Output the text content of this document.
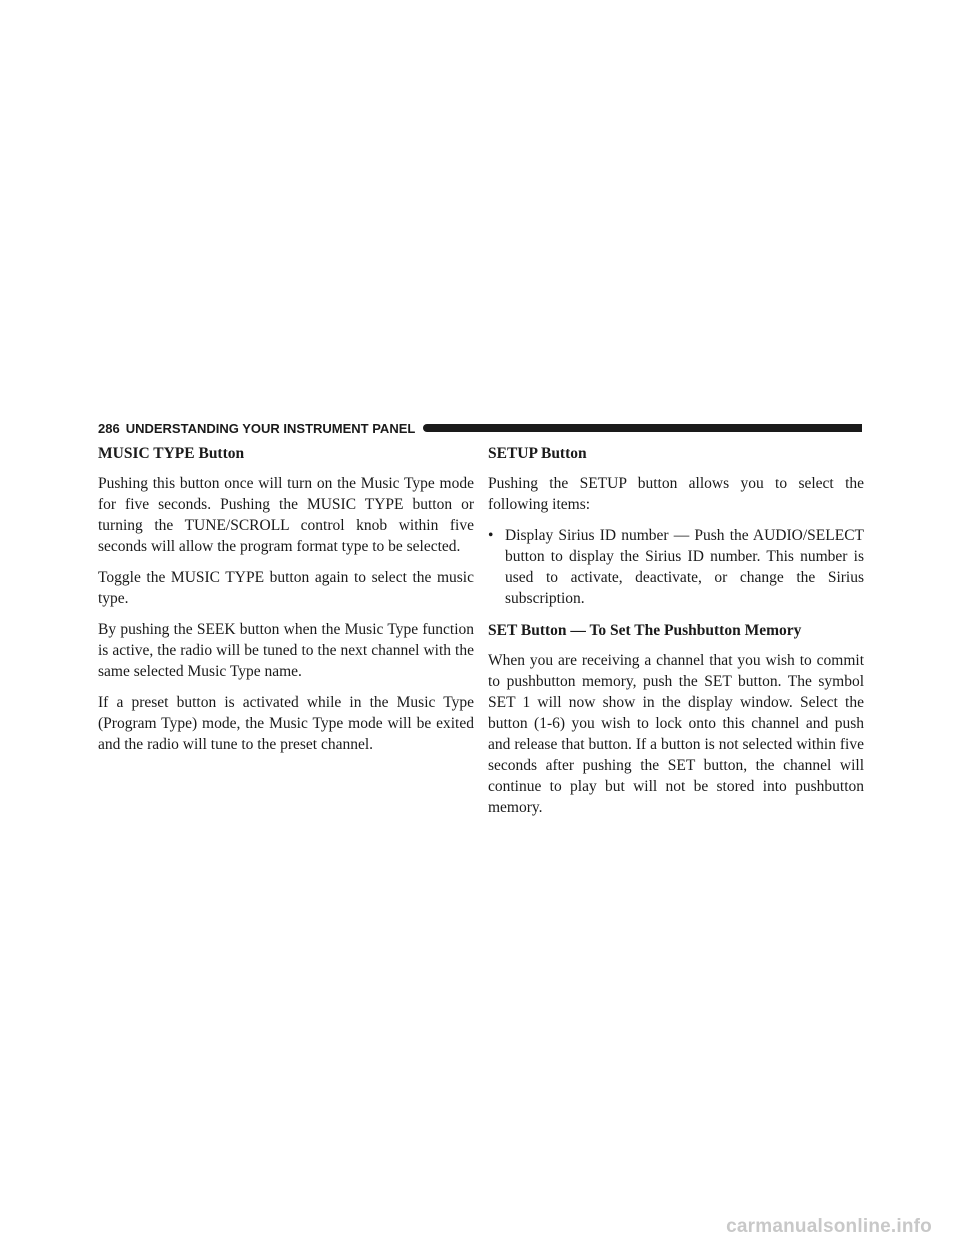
286 UNDERSTANDING YOUR INSTRUMENT PANEL
MUSIC TYPE Button

Pushing this button once will turn on the Music Type mode for five seconds. Pushing the MUSIC TYPE button or turning the TUNE/SCROLL control knob within five seconds will allow the program format type to be selected.

Toggle the MUSIC TYPE button again to select the music type.

By pushing the SEEK button when the Music Type function is active, the radio will be tuned to the next channel with the same selected Music Type name.

If a preset button is activated while in the Music Type (Program Type) mode, the Music Type mode will be exited and the radio will tune to the preset channel.

SETUP Button

Pushing the SETUP button allows you to select the following items:

• Display Sirius ID number — Push the AUDIO/SELECT button to display the Sirius ID number. This number is used to activate, deactivate, or change the Sirius subscription.
SET Button — To Set The Pushbutton Memory

When you are receiving a channel that you wish to commit to pushbutton memory, push the SET button. The symbol SET 1 will now show in the display window. Select the button (1-6) you wish to lock onto this channel and push and release that button. If a button is not selected within five seconds after pushing the SET button, the channel will continue to play but will not be stored into pushbutton memory.

carmanualsonline.info
